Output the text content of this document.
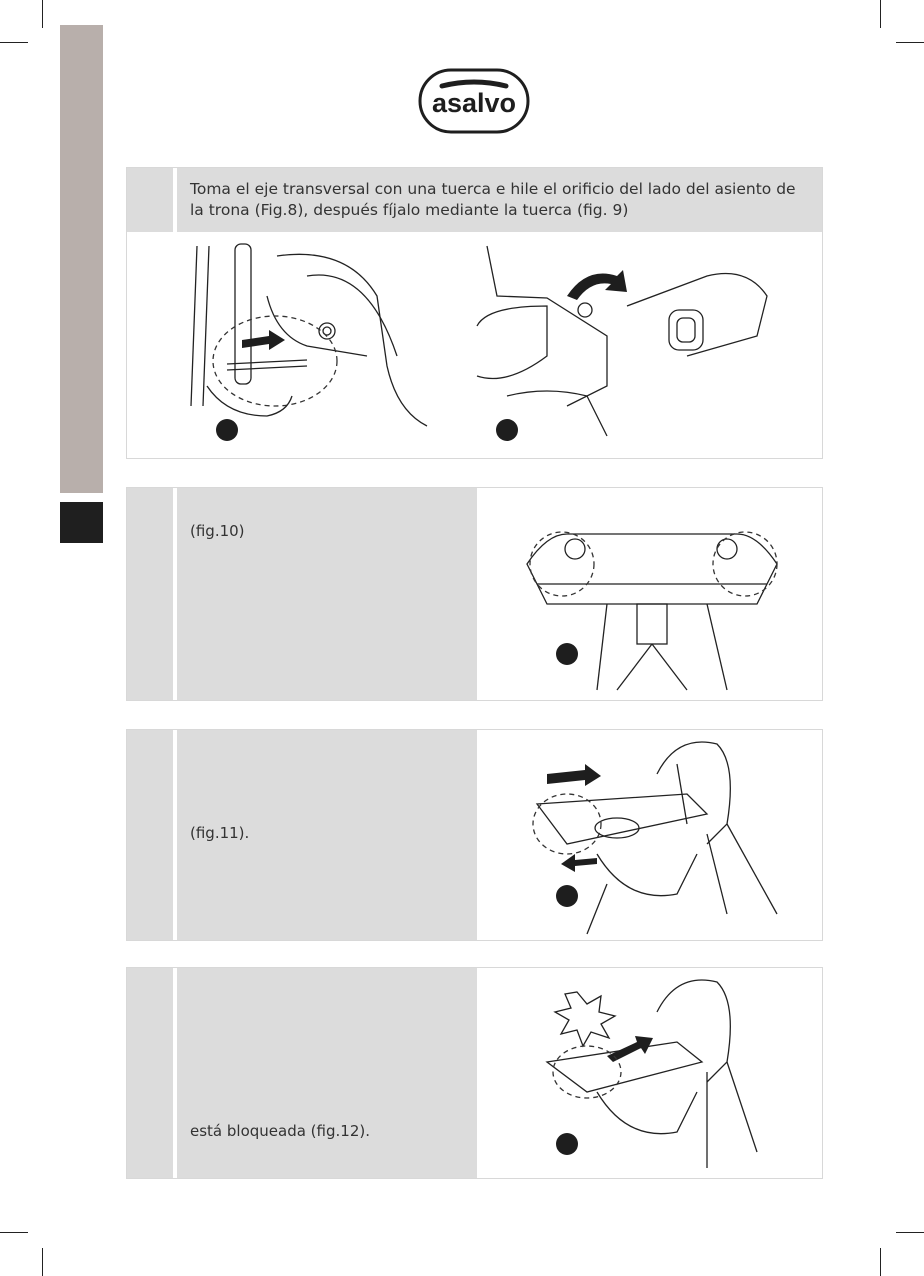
asalvo

Toma el eje transversal con una tuerca e hile el orificio del lado del asiento de la trona (Fig.8), después fíjalo mediante la tuerca (fig. 9)

(fig.10)

(fig.11).

está bloqueada (fig.12).
